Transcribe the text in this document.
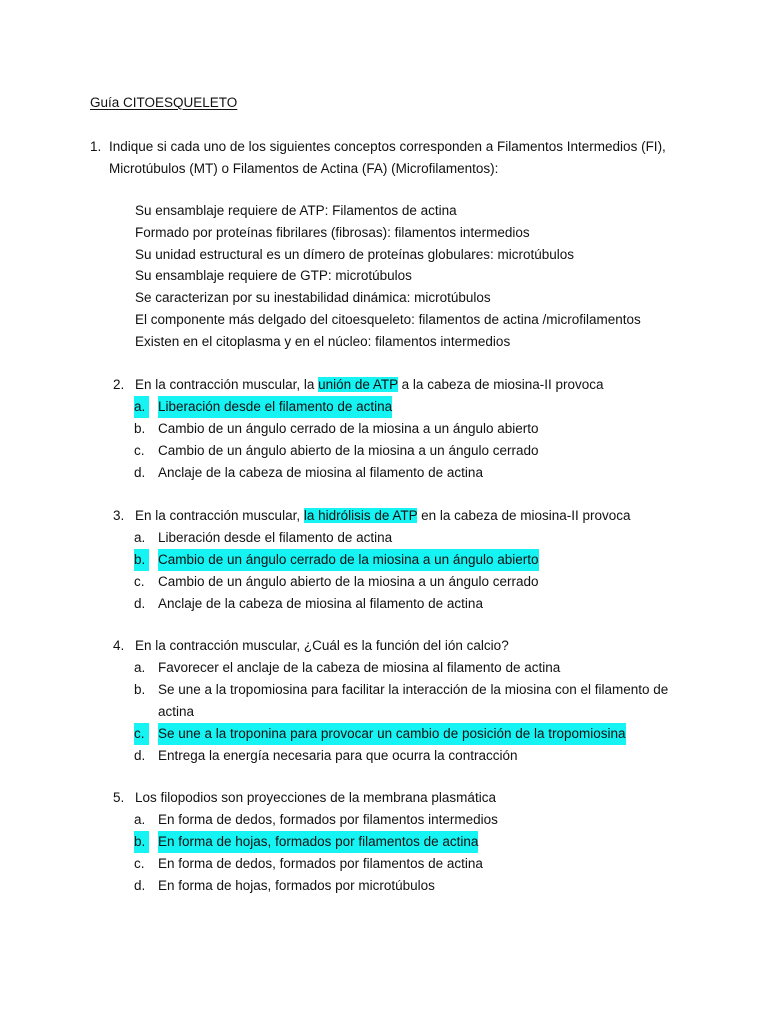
Guía CITOESQUELETO
1. Indique si cada uno de los siguientes conceptos corresponden a Filamentos Intermedios (FI), Microtúbulos (MT) o Filamentos de Actina (FA) (Microfilamentos):
Su ensamblaje requiere de ATP: Filamentos de actina
Formado por proteínas fibrilares (fibrosas): filamentos intermedios
Su unidad estructural es un dímero de proteínas globulares: microtúbulos
Su ensamblaje requiere de GTP: microtúbulos
Se caracterizan por su inestabilidad dinámica: microtúbulos
El componente más delgado del citoesqueleto: filamentos de actina /microfilamentos
Existen en el citoplasma y en el núcleo: filamentos intermedios
2. En la contracción muscular, la unión de ATP a la cabeza de miosina-II provoca
a. Liberación desde el filamento de actina
b. Cambio de un ángulo cerrado de la miosina a un ángulo abierto
c. Cambio de un ángulo abierto de la miosina a un ángulo cerrado
d. Anclaje de la cabeza de miosina al filamento de actina
3. En la contracción muscular, la hidrólisis de ATP en la cabeza de miosina-II provoca
a. Liberación desde el filamento de actina
b. Cambio de un ángulo cerrado de la miosina a un ángulo abierto
c. Cambio de un ángulo abierto de la miosina a un ángulo cerrado
d. Anclaje de la cabeza de miosina al filamento de actina
4. En la contracción muscular, ¿Cuál es la función del ión calcio?
a. Favorecer el anclaje de la cabeza de miosina al filamento de actina
b. Se une a la tropomiosina para facilitar la interacción de la miosina con el filamento de actina
c. Se une a la troponina para provocar un cambio de posición de la tropomiosina
d. Entrega la energía necesaria para que ocurra la contracción
5. Los filopodios son proyecciones de la membrana plasmática
a. En forma de dedos, formados por filamentos intermedios
b. En forma de hojas, formados por filamentos de actina
c. En forma de dedos, formados por filamentos de actina
d. En forma de hojas, formados por microtúbulos
